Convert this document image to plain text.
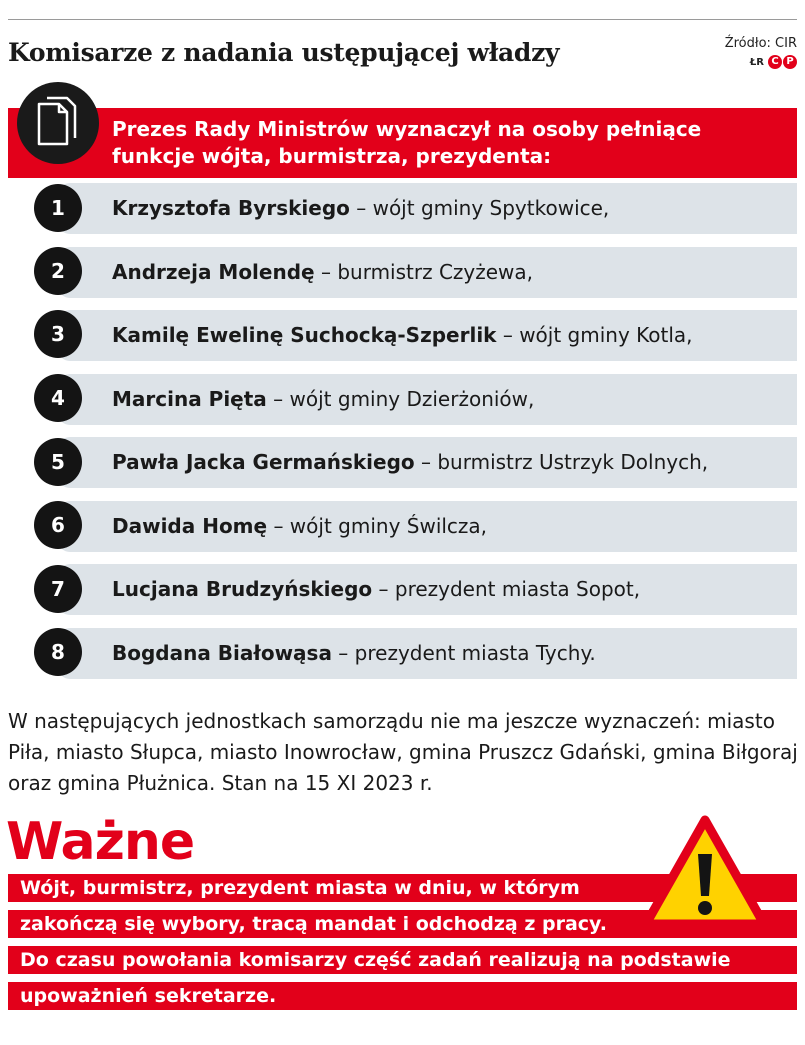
Komisarze z nadania ustępującej władzy	Źródło: CIR
ŁR C P
Prezes Rady Ministrów wyznaczył na osoby pełniące funkcje wójta, burmistrza, prezydenta:
1	Krzysztofa Byrskiego – wójt gminy Spytkowice,
2	Andrzeja Molendę – burmistrz Czyżewa,
3	Kamilę Ewelinę Suchocką-Szperlik – wójt gminy Kotla,
4	Marcina Pięta – wójt gminy Dzierżoniów,
5	Pawła Jacka Germańskiego – burmistrz Ustrzyk Dolnych,
6	Dawida Homę – wójt gminy Świlcza,
7	Lucjana Brudzyńskiego – prezydent miasta Sopot,
8	Bogdana Białowąsa – prezydent miasta Tychy.
W następujących jednostkach samorządu nie ma jeszcze wyznaczeń: miasto Piła, miasto Słupca, miasto Inowrocław, gmina Pruszcz Gdański, gmina Biłgoraj oraz gmina Płużnica. Stan na 15 XI 2023 r.
Ważne
Wójt, burmistrz, prezydent miasta w dniu, w którym
zakończą się wybory, tracą mandat i odchodzą z pracy.
Do czasu powołania komisarzy część zadań realizują na podstawie
upoważnień sekretarze.
